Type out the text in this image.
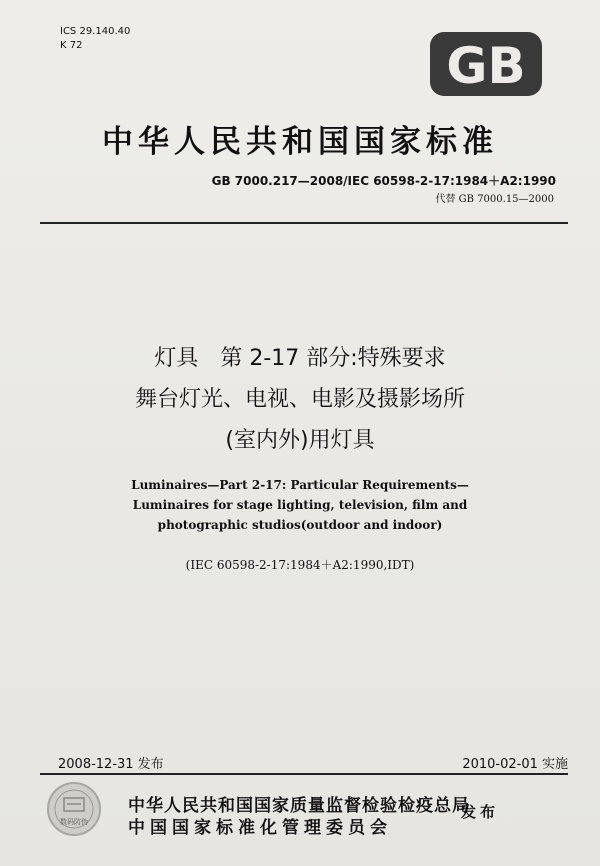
ICS 29.140.40
K 72	GB
中华人民共和国国家标准
GB 7000.217—2008/IEC 60598-2-17:1984＋A2:1990
代替 GB 7000.15—2000
灯具　第 2-17 部分:特殊要求
舞台灯光、电视、电影及摄影场所
(室内外)用灯具
Luminaires—Part 2-17: Particular Requirements—
Luminaires for stage lighting, television, film and
photographic studios(outdoor and indoor)
(IEC 60598-2-17:1984＋A2:1990,IDT)
2008-12-31 发布	2010-02-01 实施
数码防伪
中华人民共和国国家质量监督检验检疫总局
中国国家标准化管理委员会
发布
